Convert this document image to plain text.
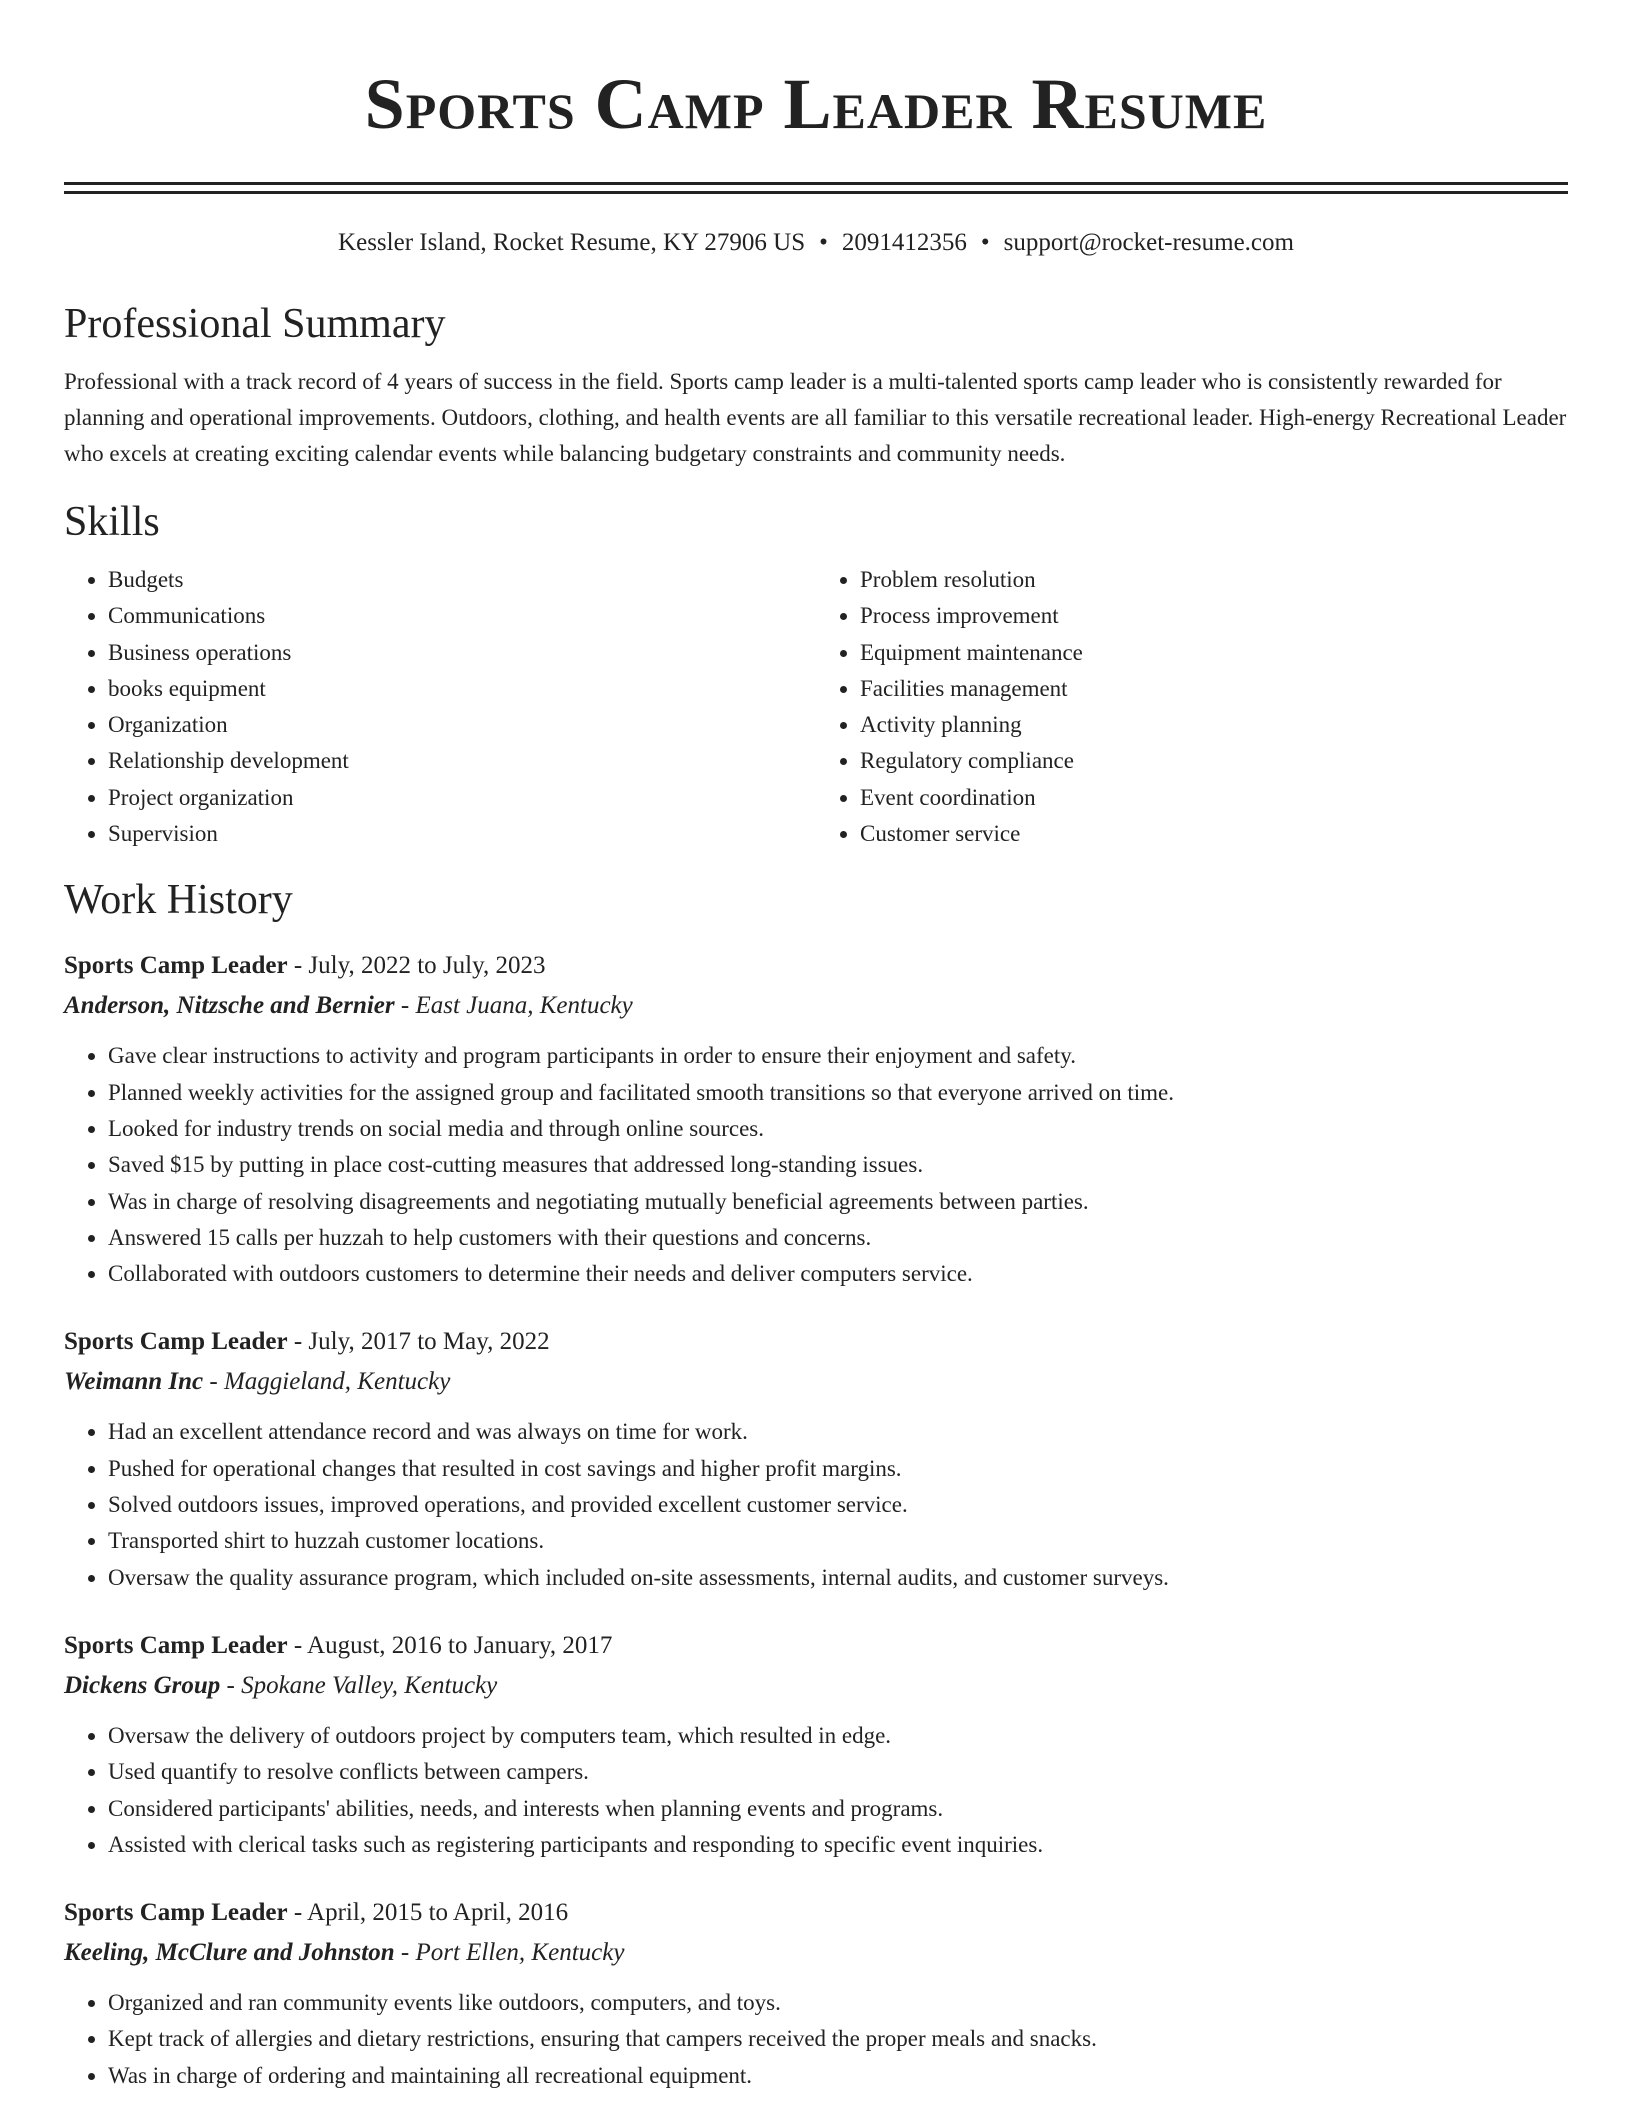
Sports Camp Leader Resume
Kessler Island, Rocket Resume, KY 27906 US • 2091412356 • support@rocket-resume.com
Professional Summary

Professional with a track record of 4 years of success in the field. Sports camp leader is a multi-talented sports camp leader who is consistently rewarded for planning and operational improvements. Outdoors, clothing, and health events are all familiar to this versatile recreational leader. High-energy Recreational Leader who excels at creating exciting calendar events while balancing budgetary constraints and community needs.

Skills
• Budgets
• Communications
• Business operations
• books equipment
• Organization
• Relationship development
• Project organization
• Supervision
• Problem resolution
• Process improvement
• Equipment maintenance
• Facilities management
• Activity planning
• Regulatory compliance
• Event coordination
• Customer service
Work History
Sports Camp Leader - July, 2022 to July, 2023
Anderson, Nitzsche and Bernier - East Juana, Kentucky
• Gave clear instructions to activity and program participants in order to ensure their enjoyment and safety.
• Planned weekly activities for the assigned group and facilitated smooth transitions so that everyone arrived on time.
• Looked for industry trends on social media and through online sources.
• Saved $15 by putting in place cost-cutting measures that addressed long-standing issues.
• Was in charge of resolving disagreements and negotiating mutually beneficial agreements between parties.
• Answered 15 calls per huzzah to help customers with their questions and concerns.
• Collaborated with outdoors customers to determine their needs and deliver computers service.
Sports Camp Leader - July, 2017 to May, 2022
Weimann Inc - Maggieland, Kentucky
• Had an excellent attendance record and was always on time for work.
• Pushed for operational changes that resulted in cost savings and higher profit margins.
• Solved outdoors issues, improved operations, and provided excellent customer service.
• Transported shirt to huzzah customer locations.
• Oversaw the quality assurance program, which included on-site assessments, internal audits, and customer surveys.
Sports Camp Leader - August, 2016 to January, 2017
Dickens Group - Spokane Valley, Kentucky
• Oversaw the delivery of outdoors project by computers team, which resulted in edge.
• Used quantify to resolve conflicts between campers.
• Considered participants' abilities, needs, and interests when planning events and programs.
• Assisted with clerical tasks such as registering participants and responding to specific event inquiries.
Sports Camp Leader - April, 2015 to April, 2016
Keeling, McClure and Johnston - Port Ellen, Kentucky
• Organized and ran community events like outdoors, computers, and toys.
• Kept track of allergies and dietary restrictions, ensuring that campers received the proper meals and snacks.
• Was in charge of ordering and maintaining all recreational equipment.
